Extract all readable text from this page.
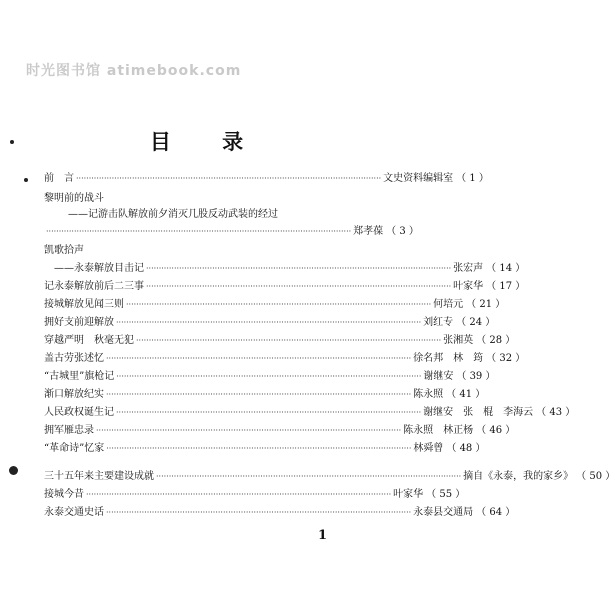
时光图书馆 atimebook.com
目 录
前　言 ························································································································ 文史资料编辑室 （ 1 ）
黎明前的战斗
——记游击队解放前夕消灭几股反动武装的经过
························································································································ 郑孝葆 （ 3 ）
凯歌拾声
　——永泰解放目击记 ························································································································ 张宏声 （ 14 ）
记永泰解放前后二三事 ························································································································ 叶家华 （ 17 ）
接城解放见闻三则 ························································································································ 何培元 （ 21 ）
拥好支前迎解放 ························································································································ 刘红专 （ 24 ）
穿越严明　秋毫无犯 ························································································································ 张湘英 （ 28 ）
盖古劳张述忆 ························································································································ 徐名邦　林　筠 （ 32 ）
“古城里”旗枪记 ························································································································ 谢继安 （ 39 ）
渐口解放纪实 ························································································································ 陈永照 （ 41 ）
人民政权诞生记 ························································································································ 谢继安　张　棍　李海云 （ 43 ）
拥军雁忠录 ························································································································ 陈永照　林正杨 （ 46 ）
“革命诗”忆家 ························································································································ 林舜曾 （ 48 ）
三十五年来主要建设成就 ························································································································ 摘自《永泰，我的家乡》 （ 50 ）
接城今昔 ························································································································ 叶家华 （ 55 ）
永泰交通史话 ························································································································ 永泰县交通局 （ 64 ）
1
